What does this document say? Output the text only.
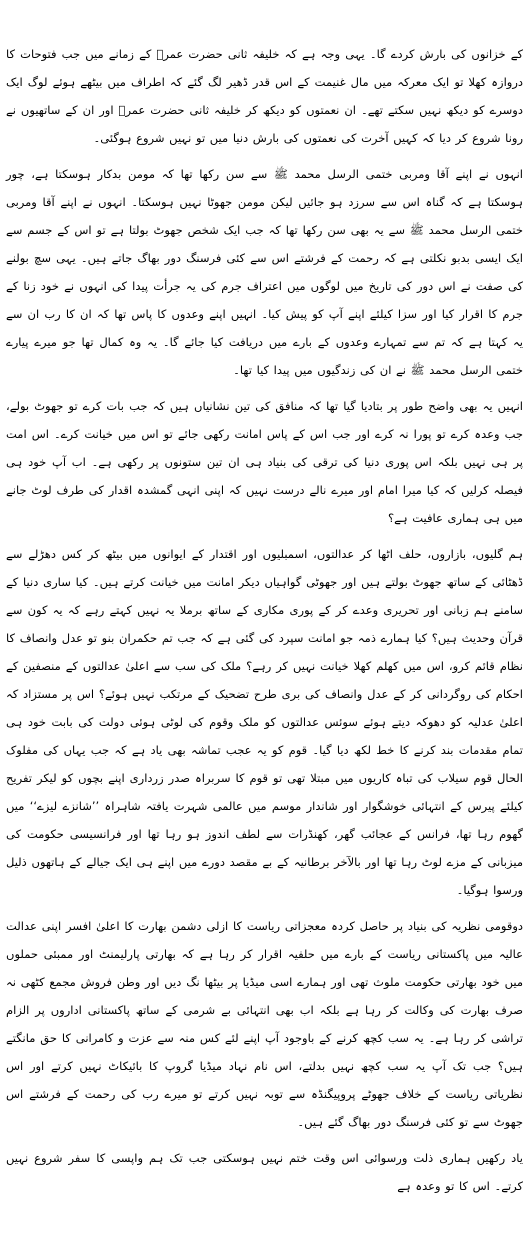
کے خزانوں کی بارش کردے گا۔ یہی وجہ ہے کہ خلیفہ ثانی حضرت عمرؓ کے زمانے میں جب فتوحات کا دروازہ کھلا تو ایک معرکہ میں مال غنیمت کے اس قدر ڈھیر لگ گئے کہ اطراف میں بیٹھے ہوئے لوگ ایک دوسرے کو دیکھ نہیں سکتے تھے۔ ان نعمتوں کو دیکھ کر خلیفہ ثانی حضرت عمرؓ اور ان کے ساتھیوں نے رونا شروع کر دیا کہ کہیں آخرت کی نعمتوں کی بارش دنیا میں تو نہیں شروع ہوگئی۔

انہوں نے اپنے آقا ومربی ختمی الرسل محمد ﷺ سے سن رکھا تھا کہ مومن بدکار ہوسکتا ہے، چور ہوسکتا ہے کہ گناہ اس سے سرزد ہو جائیں لیکن مومن جھوٹا نہیں ہوسکتا۔ انہوں نے اپنے آقا ومربی ختمی الرسل محمد ﷺ سے یہ بھی سن رکھا تھا کہ جب ایک شخص جھوٹ بولتا ہے تو اس کے جسم سے ایک ایسی بدبو نکلتی ہے کہ رحمت کے فرشتے اس سے کئی فرسنگ دور بھاگ جاتے ہیں۔ یہی سچ بولنے کی صفت نے اس دور کی تاریخ میں لوگوں میں اعتراف جرم کی یہ جرأت پیدا کی انہوں نے خود زنا کے جرم کا اقرار کیا اور سزا کیلئے اپنے آپ کو پیش کیا۔ انہیں اپنے وعدوں کا پاس تھا کہ ان کا رب ان سے یہ کہتا ہے کہ تم سے تمہارے وعدوں کے بارے میں دریافت کیا جائے گا۔ یہ وہ کمال تھا جو میرے پیارے ختمی الرسل محمد ﷺ نے ان کی زندگیوں میں پیدا کیا تھا۔

انہیں یہ بھی واضح طور پر بتادیا گیا تھا کہ منافق کی تین نشانیاں ہیں کہ جب بات کرے تو جھوٹ بولے، جب وعدہ کرے تو پورا نہ کرے اور جب اس کے پاس امانت رکھی جائے تو اس میں خیانت کرے۔ اس امت پر ہی نہیں بلکہ اس پوری دنیا کی ترقی کی بنیاد ہی ان تین ستونوں پر رکھی ہے۔ اب آپ خود ہی فیصلہ کرلیں کہ کیا میرا امام اور میرے نالے درست نہیں کہ اپنی انہی گمشدہ اقدار کی طرف لوٹ جانے میں ہی ہماری عافیت ہے؟

ہم گلیوں، بازاروں، حلف اٹھا کر عدالتوں، اسمبلیوں اور اقتدار کے ایوانوں میں بیٹھ کر کس دھڑلے سے ڈھٹائی کے ساتھ جھوٹ بولتے ہیں اور جھوٹی گواہیاں دیکر امانت میں خیانت کرتے ہیں۔ کیا ساری دنیا کے سامنے ہم زبانی اور تحریری وعدے کر کے پوری مکاری کے ساتھ برملا یہ نہیں کہتے رہے کہ یہ کون سے قرآن وحدیث ہیں؟ کیا ہمارے ذمہ جو امانت سپرد کی گئی ہے کہ جب تم حکمران بنو تو عدل وانصاف کا نظام قائم کرو، اس میں کھلم کھلا خیانت نہیں کر رہے؟ ملک کی سب سے اعلیٰ عدالتوں کے منصفین کے احکام کی روگردانی کر کے عدل وانصاف کی بری طرح تضحیک کے مرتکب نہیں ہوئے؟ اس پر مستزاد کہ اعلیٰ عدلیہ کو دھوکہ دیتے ہوئے سوئس عدالتوں کو ملک وقوم کی لوٹی ہوئی دولت کی بابت خود ہی تمام مقدمات بند کرنے کا خط لکھ دیا گیا۔ قوم کو یہ عجب تماشہ بھی یاد ہے کہ جب یہاں کی مفلوک الحال قوم سیلاب کی تباہ کاریوں میں مبتلا تھی تو قوم کا سربراہ صدر زرداری اپنے بچوں کو لیکر تفریح کیلئے پیرس کے انتہائی خوشگوار اور شاندار موسم میں عالمی شہرت یافتہ شاہراہ ’’شانزے لیزے‘‘ میں گھوم رہا تھا، فرانس کے عجائب گھر، کھنڈرات سے لطف اندوز ہو رہا تھا اور فرانسیسی حکومت کی میزبانی کے مزے لوٹ رہا تھا اور بالآخر برطانیہ کے بے مقصد دورے میں اپنے ہی ایک جیالے کے ہاتھوں ذلیل ورسوا ہوگیا۔

دوقومی نظریہ کی بنیاد پر حاصل کردہ معجزاتی ریاست کا ازلی دشمن بھارت کا اعلیٰ افسر اپنی عدالت عالیہ میں پاکستانی ریاست کے بارے میں حلفیہ اقرار کر رہا ہے کہ بھارتی پارلیمنٹ اور ممبئی حملوں میں خود بھارتی حکومت ملوث تھی اور ہمارے اسی میڈیا پر بیٹھا نگ دیں اور وطن فروش مجمع کٹھی نہ صرف بھارت کی وکالت کر رہا ہے بلکہ اب بھی انتہائی بے شرمی کے ساتھ پاکستانی اداروں پر الزام تراشی کر رہا ہے۔ یہ سب کچھ کرنے کے باوجود آپ اپنے لئے کس منہ سے عزت و کامرانی کا حق مانگتے ہیں؟ جب تک آپ یہ سب کچھ نہیں بدلتے، اس نام نہاد میڈیا گروپ کا بائیکاٹ نہیں کرتے اور اس نظریاتی ریاست کے خلاف جھوٹے پروپیگنڈہ سے توبہ نہیں کرتے تو میرے رب کی رحمت کے فرشتے اس جھوٹ سے تو کئی فرسنگ دور بھاگ گئے ہیں۔

یاد رکھیں ہماری ذلت ورسوائی اس وقت ختم نہیں ہوسکتی جب تک ہم واپسی کا سفر شروع نہیں کرتے۔ اس کا تو وعدہ ہے
